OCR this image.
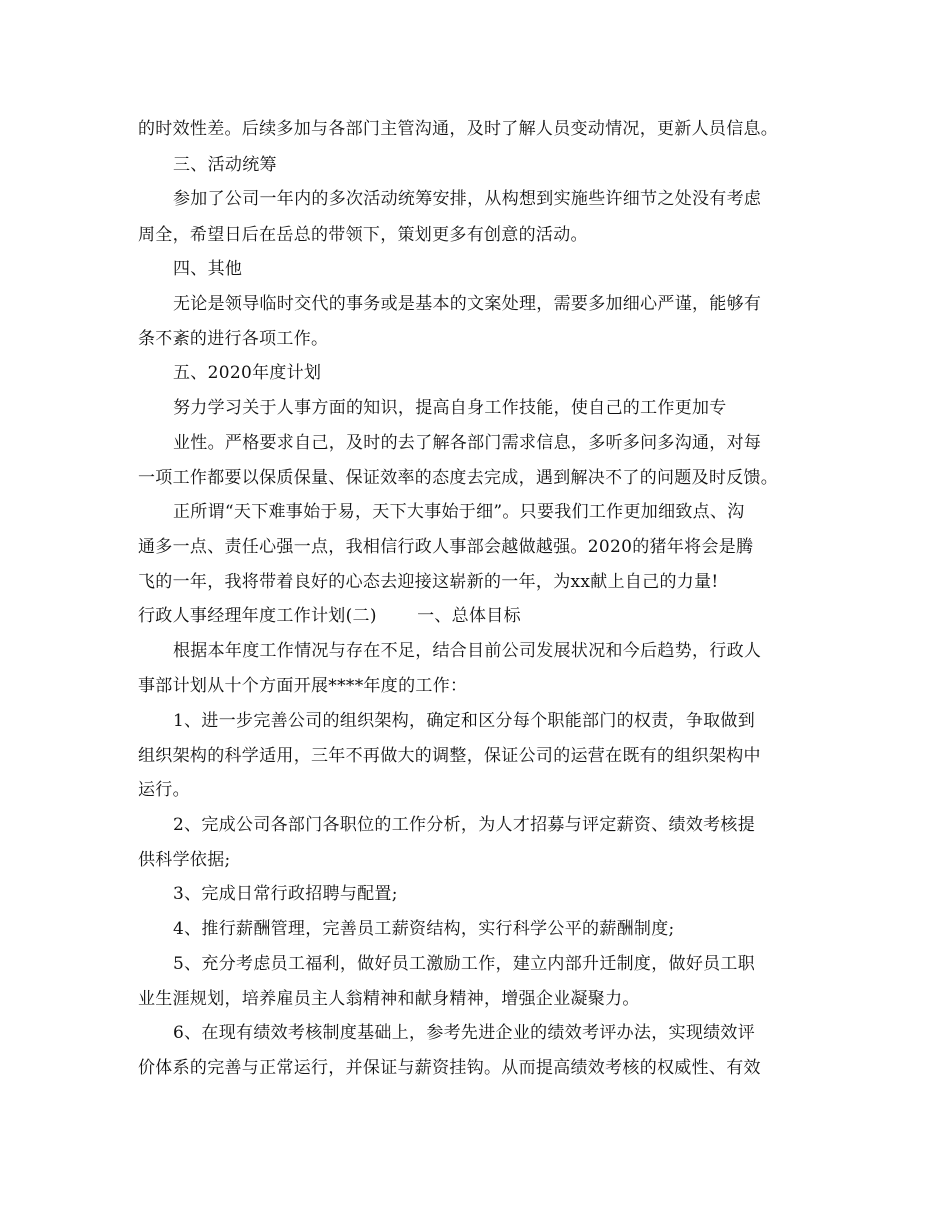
的时效性差。后续多加与各部门主管沟通，及时了解人员变动情况，更新人员信息。
三、活动统筹
参加了公司一年内的多次活动统筹安排，从构想到实施些许细节之处没有考虑
周全，希望日后在岳总的带领下，策划更多有创意的活动。
四、其他
无论是领导临时交代的事务或是基本的文案处理，需要多加细心严谨，能够有
条不紊的进行各项工作。
五、2020年度计划
努力学习关于人事方面的知识，提高自身工作技能，使自己的工作更加专
业性。严格要求自己，及时的去了解各部门需求信息，多听多问多沟通，对每
一项工作都要以保质保量、保证效率的态度去完成，遇到解决不了的问题及时反馈。
正所谓“天下难事始于易，天下大事始于细”。只要我们工作更加细致点、沟
通多一点、责任心强一点，我相信行政人事部会越做越强。2020的猪年将会是腾
飞的一年，我将带着良好的心态去迎接这崭新的一年，为xx献上自己的力量!
行政人事经理年度工作计划(二)　　 一、总体目标
根据本年度工作情况与存在不足，结合目前公司发展状况和今后趋势，行政人
事部计划从十个方面开展****年度的工作：
1、进一步完善公司的组织架构，确定和区分每个职能部门的权责，争取做到
组织架构的科学适用，三年不再做大的调整，保证公司的运营在既有的组织架构中
运行。
2、完成公司各部门各职位的工作分析，为人才招募与评定薪资、绩效考核提
供科学依据;
3、完成日常行政招聘与配置;
4、推行薪酬管理，完善员工薪资结构，实行科学公平的薪酬制度;
5、充分考虑员工福利，做好员工激励工作，建立内部升迁制度，做好员工职
业生涯规划，培养雇员主人翁精神和献身精神，增强企业凝聚力。
6、在现有绩效考核制度基础上，参考先进企业的绩效考评办法，实现绩效评
价体系的完善与正常运行，并保证与薪资挂钩。从而提高绩效考核的权威性、有效
